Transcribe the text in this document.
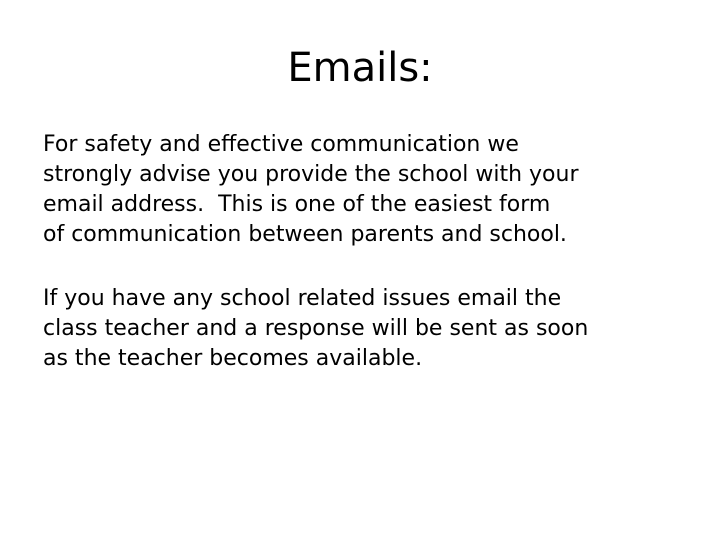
Emails:

For safety and effective communication we
strongly advise you provide the school with your
email address.  This is one of the easiest form
of communication between parents and school.

If you have any school related issues email the
class teacher and a response will be sent as soon
as the teacher becomes available.
